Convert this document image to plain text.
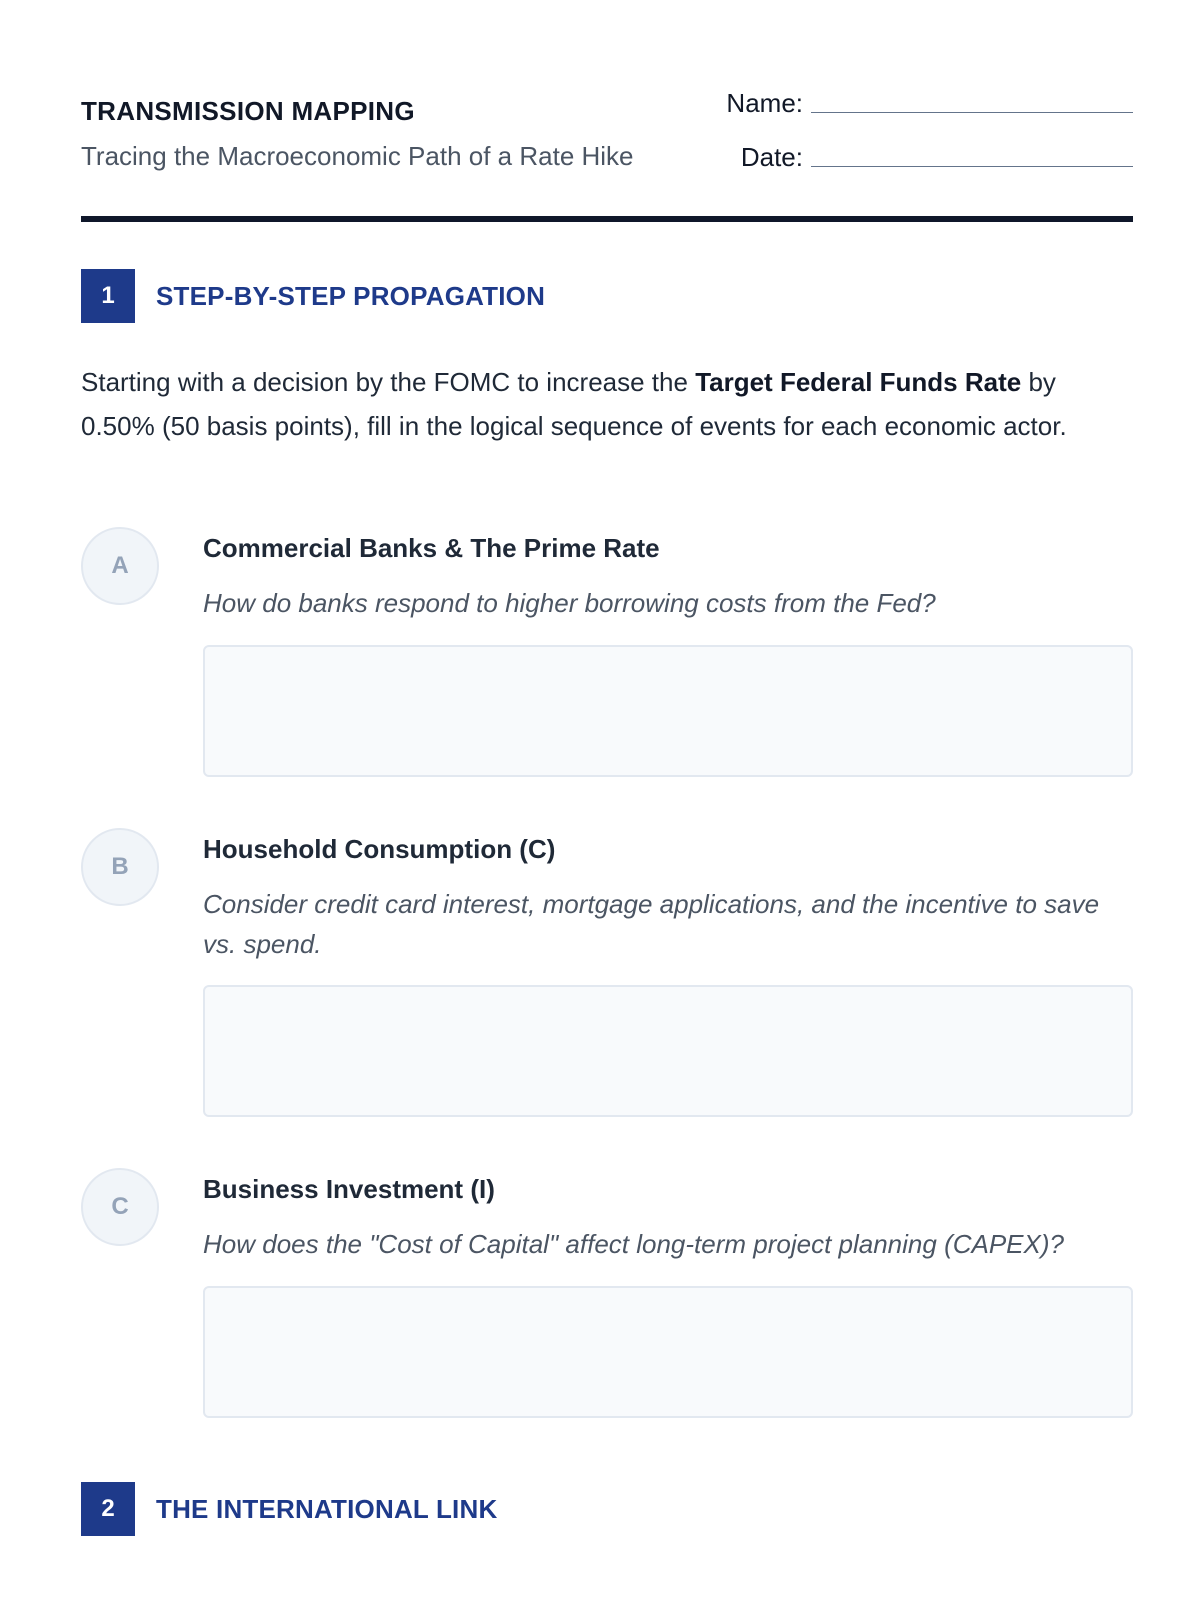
TRANSMISSION MAPPING
Tracing the Macroeconomic Path of a Rate Hike
Name:
Date:
1	STEP-BY-STEP PROPAGATION
Starting with a decision by the FOMC to increase the Target Federal Funds Rate by 0.50% (50 basis points), fill in the logical sequence of events for each economic actor.
A
Commercial Banks & The Prime Rate
How do banks respond to higher borrowing costs from the Fed?
B
Household Consumption (C)
Consider credit card interest, mortgage applications, and the incentive to save vs. spend.
C
Business Investment (I)
How does the "Cost of Capital" affect long-term project planning (CAPEX)?
2	THE INTERNATIONAL LINK
